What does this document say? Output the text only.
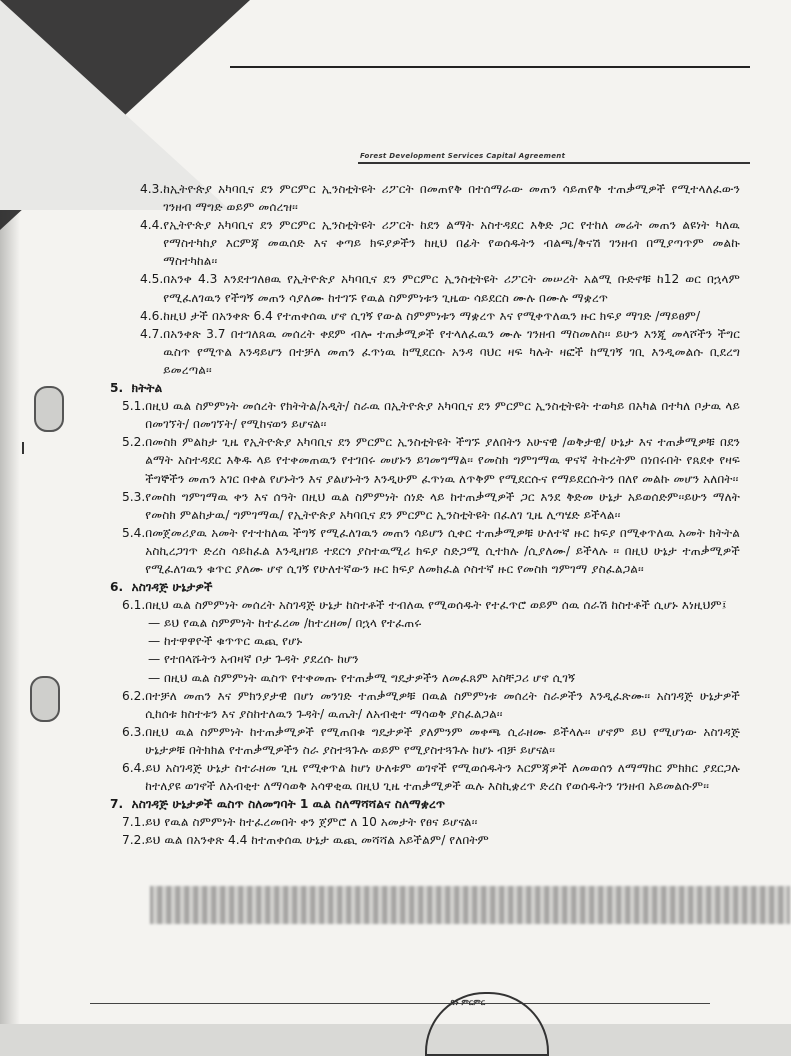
Forest Development Services Capital Agreement
4.3. ከኢትዮጵያ አካባቢና ደን ምርምር ኢንስቲትዩት ሪፖርት በመጠየቅ በተሰማራው መጠን ሳይጠየቅ ተጠቃሚዎች የሚተላለፈውን ገንዘብ ማግድ ወይም መሰረዝ፡፡
4.4. የኢትዮጵያ አካባቢና ደን ምርምር ኢንስቲትዩት ሪፖርት ከደን ልማት አስተዳደር እቅድ ጋር የተከለ መሬት መጠን ልዩነት ካለዉ የማስተካከያ እርምጃ መዉሰድ እና ቀጣይ ክፍያዎችን ከዚህ በፊት የወሰዱትን ብልጫ/ቅናሽ ገንዘብ በሚያጣጥም መልኩ ማስተካከል፡፡
4.5. በአንቀ 4.3 እንደተገለፀዉ የኢትዮጵያ አካባቢና ደን ምርምር ኢንስቲትዩት ሪፖርት መሠረት አልሚ ቡድኖቹ ከ12 ወር በኋላም የሚፈለገዉን የችግኝ መጠን ሳያለሙ ከተገኙ የዉል ስምምነቱን ጊዜው ሳይደርስ ሙሉ በሙሉ ማቋረጥ
4.6. ከዚህ ታች በአንቀጽ 6.4 የተጠቀሰዉ ሆኖ ሲገኝ የውል ስምምነቱን ማቋረጥ እና የሚቀጥለዉን ዙር ክፍያ ማገድ /ማይፀም/
4.7. በአንቀጽ 3.7 በተገለጸዉ መሰረት ቀደም ብሎ ተጠቃሚዎች የተላለፈዉን ሙሉ ገንዘብ ማስመለስ፡፡ ይሁን እንጂ መላሾችን ችግር ዉስጥ የሚጥል እንዳይሆን በተቻለ መጠን ፈጥነዉ ከሚደርሱ አንዳ ባህር ዛፍ ካሉት ዛፎች ከሚገኝ ገቢ እንዲመልሱ ቢደረግ ይመረጣል፡፡
5. ክትትል
5.1. በዚህ ዉል ስምምነት መሰረት የክትትል/አዲት/ ስራዉ በኢትዮጵያ አካባቢና ደን ምርምር ኢንስቲትዩት ተወካይ በአካል በተካለ ቦታዉ ላይ በመገኘት/ በመገኘት/ የሚከናወን ይሆናል፡፡
5.2. በመስክ ምልከታ ጊዜ የኢትዮጵያ አካባቢና ደን ምርምር ኢንስቲትዩት ችግኙ ያለበትን አሁናዊ /ወቅታዊ/ ሁኔታ እና ተጠቃሚዎቹ በደን ልማት አስተዳደር እቅዱ ላይ የተቀመጠዉን የተገበሩ መሆኑን ይገመግማል፡፡ የመስክ ግምገማዉ ዋናኛ ትኩረትም በነበሩበት የጸደቀ የዛፍ ችግኞችን መጠን አገር በቀል የሆኑትን እና ያልሆኑትን እንዲሁም ፈጥነዉ ለጥቅም የሚደርሱና የማይደርሱትን በለየ መልኩ መሆን አለበት፡፡
5.3. የመስክ ግምገማዉ ቀን እና ሰዓት በዚህ ዉል ስምምነት ሰነድ ላይ ከተጠቃሚዎች ጋር እንደ ቅድመ ሁኔታ አይወሰድም፡፡ይሁን ማለት የመስክ ምልከታዉ/ ግምገማዉ/ የኢትዮጵያ አካባቢና ደን ምርምር ኢንስቲትዩት በፈለገ ጊዜ ሊጣሄድ ይችላል፡፡
5.4. በመጀመሪያዉ አመት የተተከለዉ ችግኝ የሚፈለገዉን መጠን ሳይሆን ሲቀር ተጠቃሚዎቹ ሁለተኛ ዙር ክፍያ በሚቀጥለዉ አመት ክትትል አስኪረጋገጥ ድረስ ሳይከፈል እንዲዘገይ ተደርጎ ያስተዉሚሪ ክፍያ ስድጋሚ ሲተክሉ /ሲያለሙ/ ይችላሉ ፡፡ በዚህ ሁኔታ ተጠቃሚዎች የሚፈለገዉን ቁጥር ያለሙ ሆኖ ሲገኝ የሁለተኛውን ዙር ክፍያ ለመክፈል ሶስተኛ ዙር የመስክ ግምገማ ያስፈልጋል፡፡
6. አስገዳጅ ሁኔታዎች
6.1. በዚህ ዉል ስምምነት መሰረት አስገዳጅ ሁኔታ ከስተቶች ተብለዉ የሚወሰዱት የተፈጥሮ ወይም ሰዉ ሰራሽ ከስተቶች ሲሆኑ እነዚህም፤
— ይህ የዉል ስምምነት ከተፈረመ /ከተረዘመ/ በኋላ የተፈጠሩ
— ከተዋዋዮች ቁጥጥር ዉጪ የሆኑ
— የተበላሹትን አብዛኛ ቦታ ጉዳት ያደረሱ ከሆን
— በዚህ ዉል ስምምነት ዉስጥ የተቀመጡ የተጠቃሚ ግዴታዎችን ለመፈጸም አስቸጋሪ ሆኖ ሲገኝ
6.2. በተቻለ መጠን እና ምክንያታዊ በሆነ መንገድ ተጠቃሚዎቹ በዉል ስምምነቱ መሰረት ስራዎችን እንዲፈጽሙ፡፡ አስገዳጅ ሁኔታዎች ሲከሰቱ ክስተቱን እና ያስከተለዉን ጉዳት/ ዉጤት/ ለአብቂተ ማሳወቅ ያስፈልጋል፡፡
6.3. በዚህ ዉል ስምምነት ከተጠቃሚዎች የሚጠበቁ ግዴታዎች ያለምንም መቀጫ ሲራዘሙ ይችላሉ፡፡ ሆኖም ይህ የሚሆነው አስገዳጅ ሁኔታዎቹ በትክክል የተጠቃሚዎችን ስራ ያስተጓጉሉ ወይም የሚያስተጓጉሉ ከሆኑ ብቻ ይሆናል፡፡
6.4. ይህ አስገዳጅ ሁኔታ ስተራዘመ ጊዜ የሚቀጥል ከሆነ ሁለቱም ወገኖች የሚወሰዱትን እርምጃዎች ለመወሰን ለማማከር ምክክር ያደርጋሉ ከተለያዩ ወገኖች ለአብቂተ ለማሳወቅ አሳዋቂዉ በዚህ ጊዜ ተጠቃሚዎች ዉሉ እስኪቋረጥ ድረስ የወሰዱትን ገንዘብ አይመልሱም፡፡
7. አስገዳጅ ሁኔታዎች ዉስጥ ስለመግባት 1 ዉል ስለማሻሻልና ስለማቋረጥ
7.1. ይህ የዉል ስምምነት ከተፈረመበት ቀን ጀምሮ ለ 10 አመታት የፀና ይሆናል፡፡
7.2. ይህ ዉል በአንቀጽ 4.4 ከተጠቀሰዉ ሁኔታ ዉጪ መሻሻል አይችልም/ የለበትም
ደን ምርምር
